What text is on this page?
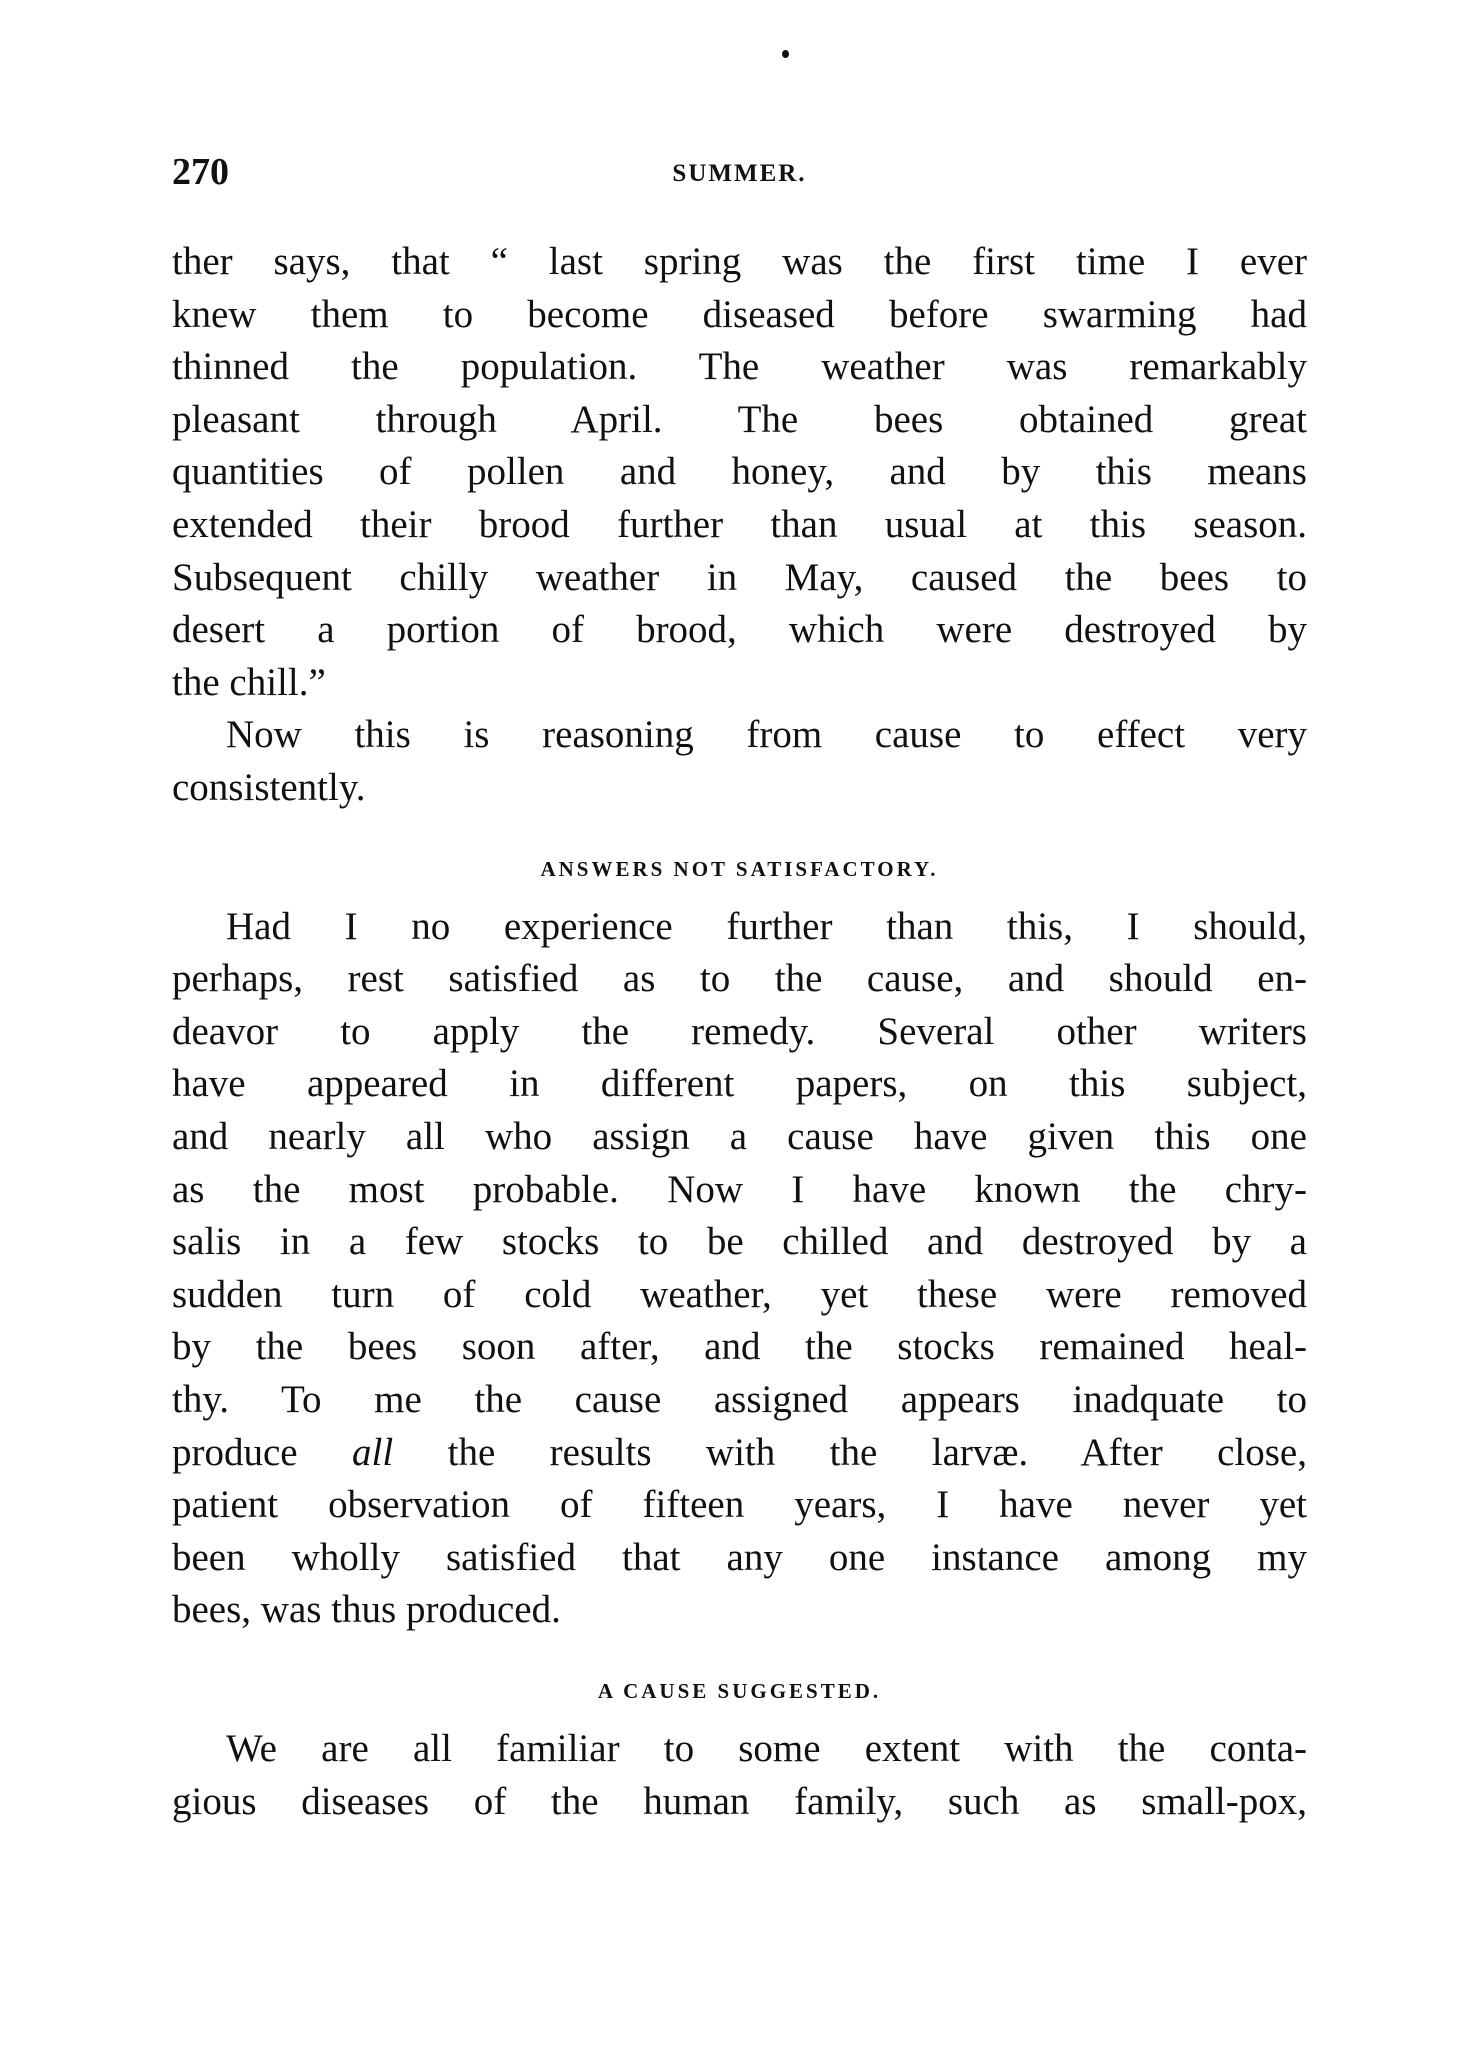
270	SUMMER.
ther says, that “ last spring was the first time I ever
knew them to become diseased before swarming had
thinned the population. The weather was remarkably
pleasant through April. The bees obtained great
quantities of pollen and honey, and by this means
extended their brood further than usual at this season.
Subsequent chilly weather in May, caused the bees to
desert a portion of brood, which were destroyed by
the chill.”
Now this is reasoning from cause to effect very
consistently.
ANSWERS NOT SATISFACTORY.
Had I no experience further than this, I should,
perhaps, rest satisfied as to the cause, and should en-
deavor to apply the remedy. Several other writers
have appeared in different papers, on this subject,
and nearly all who assign a cause have given this one
as the most probable. Now I have known the chry-
salis in a few stocks to be chilled and destroyed by a
sudden turn of cold weather, yet these were removed
by the bees soon after, and the stocks remained heal-
thy. To me the cause assigned appears inadquate to
produce all the results with the larvæ. After close,
patient observation of fifteen years, I have never yet
been wholly satisfied that any one instance among my
bees, was thus produced.
A CAUSE SUGGESTED.
We are all familiar to some extent with the conta-
gious diseases of the human family, such as small-pox,
